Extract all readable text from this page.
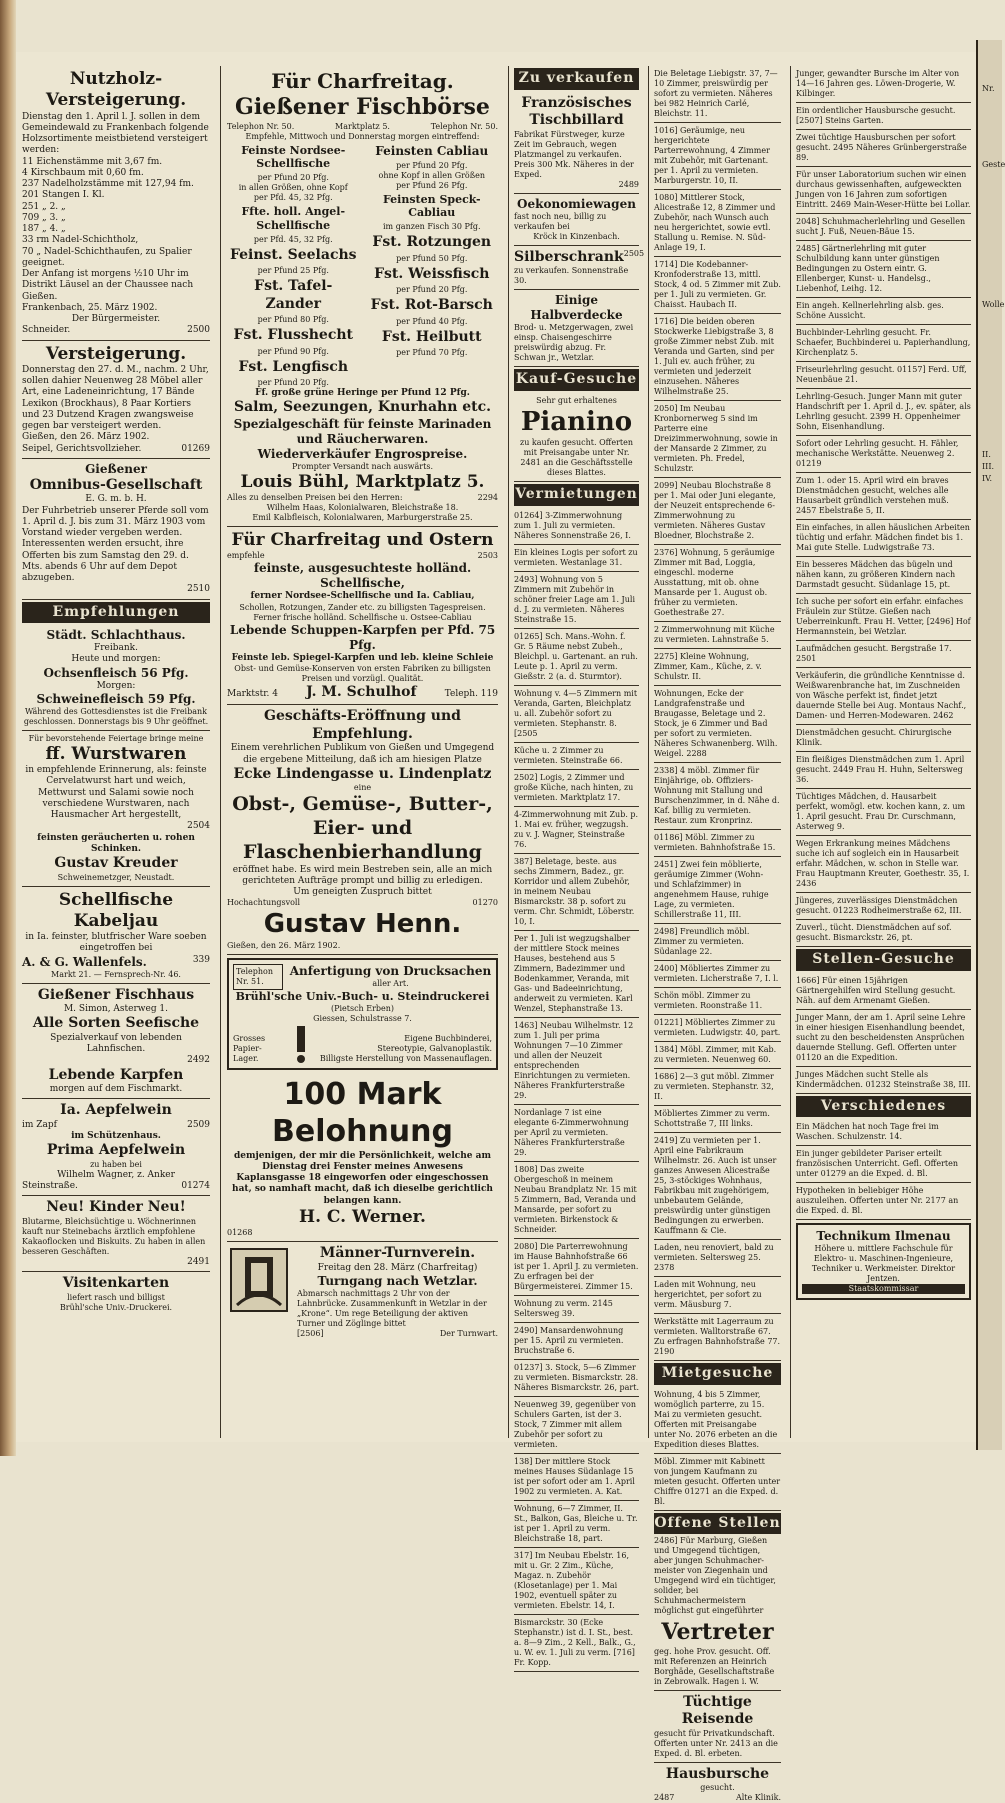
Nr.
Geste
Wolle
II.
III.
IV.
Nutzholz-
Versteigerung.
Dienstag den 1. April l. J. sollen in dem Gemeindewald zu Frankenbach folgende Holzsortimente meistbietend versteigert werden:
11 Eichenstämme mit 3,67 fm.
4 Kirschbaum mit 0,60 fm.
237 Nadelholzstämme mit 127,94 fm.
201 Stangen I. Kl.
251 „ 2. „
709 „ 3. „
187 „ 4. „
33 rm Nadel-Schichtholz,
70 „ Nadel-Schichthaufen, zu Spalier geeignet.
Der Anfang ist morgens ½10 Uhr im Distrikt Läusel an der Chaussee nach Gießen.
Frankenbach, 25. März 1902.
Der Bürgermeister.
Schneider.	2500
Versteigerung.
Donnerstag den 27. d. M., nachm. 2 Uhr, sollen dahier Neuenweg 28 Möbel aller Art, eine Ladeneinrichtung, 17 Bände Lexikon (Brockhaus), 8 Paar Kortiers und 23 Dutzend Kragen zwangsweise gegen bar versteigert werden.
Gießen, den 26. März 1902.
Seipel, Gerichtsvollzieher.	01269
Gießener
Omnibus-Gesellschaft
E. G. m. b. H.
Der Fuhrbetrieb unserer Pferde soll vom 1. April d. J. bis zum 31. März 1903 vom Vorstand wieder vergeben werden. Interessenten werden ersucht, ihre Offerten bis zum Samstag den 29. d. Mts. abends 6 Uhr auf dem Depot abzugeben.
2510
Empfehlungen
Städt. Schlachthaus.
Freibank.
Heute und morgen:
Ochsenfleisch 56 Pfg.
Morgen:
Schweinefleisch 59 Pfg.
Während des Gottesdienstes ist die Freibank geschlossen. Donnerstags bis 9 Uhr geöffnet.
Für bevorstehende Feiertage bringe meine
ff. Wurstwaren
in empfehlende Erinnerung, als: feinste Cervelatwurst hart und weich, Mettwurst und Salami sowie noch verschiedene Wurstwaren, nach Hausmacher Art hergestellt,
2504
feinsten geräucherten u. rohen Schinken.
Gustav Kreuder
Schweinemetzger, Neustadt.
Schellfische
Kabeljau
in Ia. feinster, blutfrischer Ware soeben eingetroffen bei
A. & G. Wallenfels.	339
Markt 21. — Fernsprech-Nr. 46.
Gießener Fischhaus
M. Simon, Asterweg 1.
Alle Sorten Seefische
Spezialverkauf von lebenden Lahnfischen.
2492
Lebende Karpfen
morgen auf dem Fischmarkt.
Ia. Aepfelwein
im Zapf	2509
im Schützenhaus.
Prima Aepfelwein
zu haben bei
Wilhelm Wagner, z. Anker
Steinstraße.	01274
Neu! Kinder Neu!
Blutarme, Bleichsüchtige u. Wöchnerinnen kauft nur Steinebachs ärztlich empfohlene Kakaoflocken und Biskuits. Zu haben in allen besseren Geschäften.
2491
Visitenkarten
liefert rasch und billigst
Brühl'sche Univ.-Druckerei.
Für Charfreitag.
Gießener Fischbörse
Telephon Nr. 50.	Marktplatz 5.	Telephon Nr. 50.
Empfehle, Mittwoch und Donnerstag morgen eintreffend:
Feinste Nordsee-Schellfische
per Pfund 20 Pfg.
in allen Größen, ohne Kopf
per Pfd. 45, 32 Pfg.
Ffte. holl. Angel-Schellfische
per Pfd. 45, 32 Pfg.
Feinst. Seelachs
per Pfund 25 Pfg.
Fst. Tafel-Zander
per Pfund 80 Pfg.
Fst. Flusshecht
per Pfund 90 Pfg.
Fst. Lengfisch
per Pfund 20 Pfg.
Feinsten Cabliau
per Pfund 20 Pfg.
ohne Kopf in allen Größen
per Pfund 26 Pfg.
Feinsten Speck-Cabliau
im ganzen Fisch 30 Pfg.
Fst. Rotzungen
per Pfund 50 Pfg.
Fst. Weissfisch
per Pfund 20 Pfg.
Fst. Rot-Barsch
per Pfund 40 Pfg.
Fst. Heilbutt
per Pfund 70 Pfg.
Ff. große grüne Heringe per Pfund 12 Pfg.
Salm, Seezungen, Knurhahn etc.
Spezialgeschäft für feinste Marinaden und Räucherwaren.
Wiederverkäufer Engrospreise.
Prompter Versandt nach auswärts.
Louis Bühl, Marktplatz 5.
Alles zu denselben Preisen bei den Herren:	2294
Wilhelm Haas, Kolonialwaren, Bleichstraße 18.
Emil Kalbfleisch, Kolonialwaren, Marburgerstraße 25.
Für Charfreitag und Ostern
empfehle	2503
feinste, ausgesuchteste holländ. Schellfische,
ferner Nordsee-Schellfische und Ia. Cabliau,
Schollen, Rotzungen, Zander etc. zu billigsten Tagespreisen. Ferner frische holländ. Schellfische u. Ostsee-Cabliau
Lebende Schuppen-Karpfen per Pfd. 75 Pfg.
Feinste leb. Spiegel-Karpfen und leb. kleine Schleie
Obst- und Gemüse-Konserven von ersten Fabriken zu billigsten Preisen und vorzügl. Qualität.
Marktstr. 4 J. M. Schulhof	Teleph. 119
Geschäfts-Eröffnung und Empfehlung.
Einem verehrlichen Publikum von Gießen und Umgegend die ergebene Mitteilung, daß ich am hiesigen Platze
Ecke Lindengasse u. Lindenplatz
eine
Obst-, Gemüse-, Butter-, Eier- und Flaschenbierhandlung
eröffnet habe. Es wird mein Bestreben sein, alle an mich gerichteten Aufträge prompt und billig zu erledigen.
Um geneigten Zuspruch bittet
Hochachtungsvoll	01270
Gustav Henn.
Gießen, den 26. März 1902.
Telephon Nr. 51.
Anfertigung von Drucksachen
aller Art.
Brühl'sche Univ.-Buch- u. Steindruckerei
(Pietsch Erben)
Giessen, Schulstrasse 7.
Grosses Papier-Lager.
Eigene Buchbinderei,
Stereotypie, Galvanoplastik.
Billigste Herstellung von Massenauflagen.
100 Mark
Belohnung
demjenigen, der mir die Persönlichkeit, welche am Dienstag drei Fenster meines Anwesens Kaplansgasse 18 eingeworfen oder eingeschossen hat, so namhaft macht, daß ich dieselbe gerichtlich belangen kann.
H. C. Werner.
01268
Männer-Turnverein.
Freitag den 28. März (Charfreitag)
Turngang nach Wetzlar.
Abmarsch nachmittags 2 Uhr von der Lahnbrücke. Zusammenkunft in Wetzlar in der „Krone“. Um rege Beteiligung der aktiven Turner und Zöglinge bittet
[2506]	Der Turnwart.
Zu verkaufen
Französisches Tischbillard
Fabrikat Fürstweger, kurze Zeit im Gebrauch, wegen Platzmangel zu verkaufen. Preis 300 Mk. Näheres in der Exped.
2489
Oekonomiewagen
fast noch neu, billig zu verkaufen bei
Kröck in Kinzenbach.
Silberschrank 2505
zu verkaufen. Sonnenstraße 30.
Einige Halbverdecke
Brod- u. Metzgerwagen, zwei einsp. Chaisengeschirre preiswürdig abzug. Fr. Schwan jr., Wetzlar.
Kauf-Gesuche
Sehr gut erhaltenes
Pianino
zu kaufen gesucht. Offerten mit Preisangabe unter Nr. 2481 an die Geschäftsstelle dieses Blattes.
Vermietungen
01264] 3-Zimmerwohnung zum 1. Juli zu vermieten. Näheres Sonnenstraße 26, I.
Ein kleines Logis per sofort zu vermieten. Westanlage 31.
2493] Wohnung von 5 Zimmern mit Zubehör in schöner freier Lage am 1. Juli d. J. zu vermieten. Näheres Steinstraße 15.
01265] Sch. Mans.-Wohn. f. Gr. 5 Räume nebst Zubeh., Bleichpl. u. Gartenant. an ruh. Leute p. 1. April zu verm. Gießstr. 2 (a. d. Sturmtor).
Wohnung v. 4—5 Zimmern mit Veranda, Garten, Bleichplatz u. all. Zubehör sofort zu vermieten. Stephanstr. 8. [2505
Küche u. 2 Zimmer zu vermieten. Steinstraße 66.
2502] Logis, 2 Zimmer und große Küche, nach hinten, zu vermieten. Marktplatz 17.
4-Zimmerwohnung mit Zub. p. 1. Mai ev. früher, wegzugsh. zu v. J. Wagner, Steinstraße 76.
387] Beletage, beste. aus sechs Zimmern, Badez., gr. Korridor und allem Zubehör, in meinem Neubau Bismarckstr. 38 p. sofort zu verm. Chr. Schmidt, Löberstr. 10, I.
Per 1. Juli ist wegzugshalber der mittlere Stock meines Hauses, bestehend aus 5 Zimmern, Badezimmer und Bodenkammer, Veranda, mit Gas- und Badeeinrichtung, anderweit zu vermieten. Karl Wenzel, Stephanstraße 13.
1463] Neubau Wilhelmstr. 12 zum 1. Juli per prima Wohnungen 7—10 Zimmer und allen der Neuzeit entsprechenden Einrichtungen zu vermieten. Näheres Frankfurterstraße 29.
Nordanlage 7 ist eine elegante 6-Zimmerwohnung per April zu vermieten. Näheres Frankfurterstraße 29.
1808] Das zweite Obergeschoß in meinem Neubau Brandplatz Nr. 15 mit 5 Zimmern, Bad, Veranda und Mansarde, per sofort zu vermieten. Birkenstock & Schneider.
2080] Die Parterrewohnung im Hause Bahnhofstraße 66 ist per 1. April J. zu vermieten. Zu erfragen bei der Bürgermeisterei. Zimmer 15.
Wohnung zu verm. 2145 Seltersweg 39.
2490] Mansardenwohnung per 15. April zu vermieten. Bruchstraße 6.
01237] 3. Stock, 5—6 Zimmer zu vermieten. Bismarckstr. 28. Näheres Bismarckstr. 26, part.
Neuenweg 39, gegenüber von Schulers Garten, ist der 3. Stock, 7 Zimmer mit allem Zubehör per sofort zu vermieten.
138] Der mittlere Stock meines Hauses Südanlage 15 ist per sofort oder am 1. April 1902 zu vermieten. A. Kat.
Wohnung, 6—7 Zimmer, II. St., Balkon, Gas, Bleiche u. Tr. ist per 1. April zu verm. Bleichstraße 18, part.
317] Im Neubau Ebelstr. 16, mit u. Gr. 2 Zim., Küche, Magaz. n. Zubehör (Klosetanlage) per 1. Mai 1902, eventuell später zu vermieten. Ebelstr. 14, I.
Bismarckstr. 30 (Ecke Stephanstr.) ist d. I. St., best. a. 8—9 Zim., 2 Kell., Balk., G., u. W. ev. 1. Juli zu verm. [716] Fr. Kopp.
Die Beletage Liebigstr. 37, 7—10 Zimmer, preiswürdig per sofort zu vermieten. Näheres bei 982 Heinrich Carlé, Bleichstr. 11.
1016] Geräumige, neu hergerichtete Parterrewohnung, 4 Zimmer mit Zubehör, mit Gartenant. per 1. April zu vermieten. Marburgerstr. 10, II.
1080] Mittlerer Stock, Alicestraße 12, 8 Zimmer und Zubehör, nach Wunsch auch neu hergerichtet, sowie evtl. Stallung u. Remise. N. Süd-Anlage 19, I.
1714] Die Kodebanner-Kronfoderstraße 13, mittl. Stock, 4 od. 5 Zimmer mit Zub. per 1. Juli zu vermieten. Gr. Chaisst. Haubach II.
1716] Die beiden oberen Stockwerke Liebigstraße 3, 8 große Zimmer nebst Zub. mit Veranda und Garten, sind per 1. Juli ev. auch früher, zu vermieten und jederzeit einzusehen. Näheres Wilhelmstraße 25.
2050] Im Neubau Kronbornerweg 5 sind im Parterre eine Dreizimmerwohnung, sowie in der Mansarde 2 Zimmer, zu vermieten. Ph. Fredel, Schulzstr.
2099] Neubau Blochstraße 8 per 1. Mai oder Juni elegante, der Neuzeit entsprechende 6-Zimmerwohnung zu vermieten. Näheres Gustav Bloedner, Blochstraße 2.
2376] Wohnung, 5 geräumige Zimmer mit Bad, Loggia, eingeschl. moderne Ausstattung, mit ob. ohne Mansarde per 1. August ob. früher zu vermieten. Goethestraße 27.
2 Zimmerwohnung mit Küche zu vermieten. Lahnstraße 5.
2275] Kleine Wohnung, Zimmer, Kam., Küche, z. v. Schulstr. II.
Wohnungen, Ecke der Landgrafenstraße und Braugasse, Beletage und 2. Stock, je 6 Zimmer und Bad per sofort zu vermieten. Näheres Schwanenberg. Wilh. Weigel. 2288
2338] 4 möbl. Zimmer für Einjährige, ob. Offiziers-Wohnung mit Stallung und Burschenzimmer, in d. Nähe d. Kaf. billig zu vermieten. Restaur. zum Kronprinz.
01186] Möbl. Zimmer zu vermieten. Bahnhofstraße 15.
2451] Zwei fein möblierte, geräumige Zimmer (Wohn- und Schlafzimmer) in angenehmem Hause, ruhige Lage, zu vermieten. Schillerstraße 11, III.
2498] Freundlich möbl. Zimmer zu vermieten. Südanlage 22.
2400] Möbliertes Zimmer zu vermieten. Licherstraße 7, I. l.
Schön möbl. Zimmer zu vermieten. Roonstraße 11.
01221] Möbliertes Zimmer zu vermieten. Ludwigstr. 40, part.
1384] Möbl. Zimmer, mit Kab. zu vermieten. Neuenweg 60.
1686] 2—3 gut möbl. Zimmer zu vermieten. Stephanstr. 32, II.
Möbliertes Zimmer zu verm. Schottstraße 7, III links.
2419] Zu vermieten per 1. April eine Fabrikraum Wilhelmstr. 26. Auch ist unser ganzes Anwesen Alicestraße 25, 3-stöckiges Wohnhaus, Fabrikbau mit zugehörigem, unbebautem Gelände, preiswürdig unter günstigen Bedingungen zu erwerben. Kauffmann & Cie.
Laden, neu renoviert, bald zu vermieten. Seltersweg 25. 2378
Laden mit Wohnung, neu hergerichtet, per sofort zu verm. Mäusburg 7.
Werkstätte mit Lagerraum zu vermieten. Walltorstraße 67. Zu erfragen Bahnhofstraße 77. 2190
Mietgesuche
Wohnung, 4 bis 5 Zimmer, womöglich parterre, zu 15. Mai zu vermieten gesucht. Offerten mit Preisangabe unter No. 2076 erbeten an die Expedition dieses Blattes.
Möbl. Zimmer mit Kabinett von jungem Kaufmann zu mieten gesucht. Offerten unter Chiffre 01271 an die Exped. d. Bl.
Offene Stellen
2486] Für Marburg, Gießen und Umgegend tüchtigen, aber jungen Schuhmacher-meister von Ziegenhain und Umgegend wird ein tüchtiger, solider, bei Schuhmachermeistern möglichst gut eingeführter
Vertreter
geg. hohe Prov. gesucht. Off. mit Referenzen an Heinrich Borghäde, Gesellschaftstraße in Zebrowalk. Hagen i. W.
Tüchtige Reisende
gesucht für Privatkundschaft. Offerten unter Nr. 2413 an die Exped. d. Bl. erbeten.
Hausbursche
gesucht.
2487	Alte Klinik.
Junger, gewandter Bursche im Alter von 14—16 Jahren ges. Löwen-Drogerie, W. Kilbinger.
Ein ordentlicher Hausbursche gesucht. [2507] Steins Garten.
Zwei tüchtige Hausburschen per sofort gesucht. 2495 Näheres Grünbergerstraße 89.
Für unser Laboratorium suchen wir einen durchaus gewissenhaften, aufgeweckten Jungen von 16 Jahren zum sofortigen Eintritt. 2469 Main-Weser-Hütte bei Lollar.
2048] Schuhmacherlehrling und Gesellen sucht J. Fuß, Neuen-Bäue 15.
2485] Gärtnerlehrling mit guter Schulbildung kann unter günstigen Bedingungen zu Ostern eintr. G. Ellenberger, Kunst- u. Handelsg., Liebenhof, Leihg. 12.
Ein angeh. Kellnerlehrling alsb. ges. Schöne Aussicht.
Buchbinder-Lehrling gesucht. Fr. Schaefer, Buchbinderei u. Papierhandlung, Kirchenplatz 5.
Friseurlehrling gesucht. 01157] Ferd. Uff, Neuenbäue 21.
Lehrling-Gesuch. Junger Mann mit guter Handschrift per 1. April d. J., ev. später, als Lehrling gesucht. 2399 H. Oppenheimer Sohn, Eisenhandlung.
Sofort oder Lehrling gesucht. H. Fähler, mechanische Werkstätte. Neuenweg 2. 01219
Zum 1. oder 15. April wird ein braves Dienstmädchen gesucht, welches alle Hausarbeit gründlich verstehen muß. 2457 Ebelstraße 5, II.
Ein einfaches, in allen häuslichen Arbeiten tüchtig und erfahr. Mädchen findet bis 1. Mai gute Stelle. Ludwigstraße 73.
Ein besseres Mädchen das bügeln und nähen kann, zu größeren Kindern nach Darmstadt gesucht. Südanlage 15, pt.
Ich suche per sofort ein erfahr. einfaches Fräulein zur Stütze. Gießen nach Ueberreinkunft. Frau H. Vetter, [2496] Hof Hermannstein, bei Wetzlar.
Laufmädchen gesucht. Bergstraße 17. 2501
Verkäuferin, die gründliche Kenntnisse d. Weißwarenbranche hat, im Zuschneiden von Wäsche perfekt ist, findet jetzt dauernde Stelle bei Aug. Montaus Nachf., Damen- und Herren-Modewaren. 2462
Dienstmädchen gesucht. Chirurgische Klinik.
Ein fleißiges Dienstmädchen zum 1. April gesucht. 2449 Frau H. Huhn, Seltersweg 36.
Tüchtiges Mädchen, d. Hausarbeit perfekt, womögl. etw. kochen kann, z. um 1. April gesucht. Frau Dr. Curschmann, Asterweg 9.
Wegen Erkrankung meines Mädchens suche ich auf sogleich ein in Hausarbeit erfahr. Mädchen, w. schon in Stelle war. Frau Hauptmann Kreuter, Goethestr. 35, I. 2436
Jüngeres, zuverlässiges Dienstmädchen gesucht. 01223 Rodheimerstraße 62, III.
Zuverl., tücht. Dienstmädchen auf sof. gesucht. Bismarckstr. 26, pt.
Stellen-Gesuche
1666] Für einen 15jährigen Gärtnergehilfen wird Stellung gesucht. Näh. auf dem Armenamt Gießen.
Junger Mann, der am 1. April seine Lehre in einer hiesigen Eisenhandlung beendet, sucht zu den bescheidensten Ansprüchen dauernde Stellung. Gefl. Offerten unter 01120 an die Expedition.
Junges Mädchen sucht Stelle als Kindermädchen. 01232 Steinstraße 38, III.
Verschiedenes
Ein Mädchen hat noch Tage frei im Waschen. Schulzenstr. 14.
Ein junger gebildeter Pariser erteilt französischen Unterricht. Gefl. Offerten unter 01279 an die Exped. d. Bl.
Hypotheken in beliebiger Höhe auszuleihen. Offerten unter Nr. 2177 an die Exped. d. Bl.
Technikum Ilmenau
Höhere u. mittlere Fachschule für Elektro- u. Maschinen-Ingenieure, Techniker u. Werkmeister. Direktor Jentzen.
Staatskommissar
